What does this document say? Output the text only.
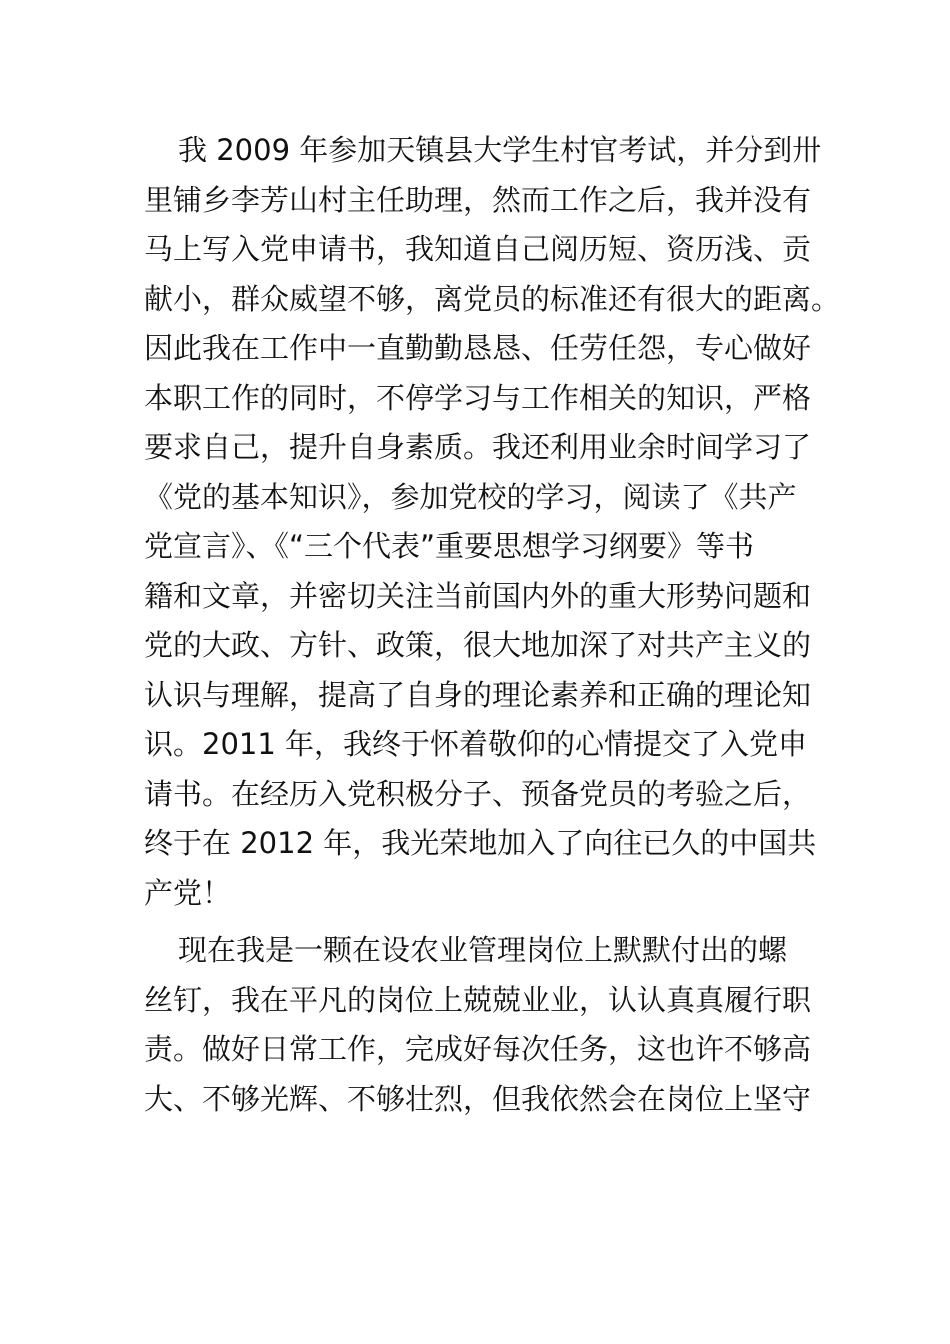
我 2009 年参加天镇县大学生村官考试，并分到卅
里铺乡李芳山村主任助理，然而工作之后，我并没有
马上写入党申请书，我知道自己阅历短、资历浅、贡
献小，群众威望不够，离党员的标准还有很大的距离。
因此我在工作中一直勤勤恳恳、任劳任怨，专心做好
本职工作的同时，不停学习与工作相关的知识，严格
要求自己，提升自身素质。我还利用业余时间学习了
《党的基本知识》，参加党校的学习，阅读了《共产
党宣言》、《“三个代表”重要思想学习纲要》等书
籍和文章，并密切关注当前国内外的重大形势问题和
党的大政、方针、政策，很大地加深了对共产主义的
认识与理解，提高了自身的理论素养和正确的理论知
识。2011 年，我终于怀着敬仰的心情提交了入党申
请书。在经历入党积极分子、预备党员的考验之后，
终于在 2012 年，我光荣地加入了向往已久的中国共
产党！
现在我是一颗在设农业管理岗位上默默付出的螺
丝钉，我在平凡的岗位上兢兢业业，认认真真履行职
责。做好日常工作，完成好每次任务，这也许不够高
大、不够光辉、不够壮烈，但我依然会在岗位上坚守
